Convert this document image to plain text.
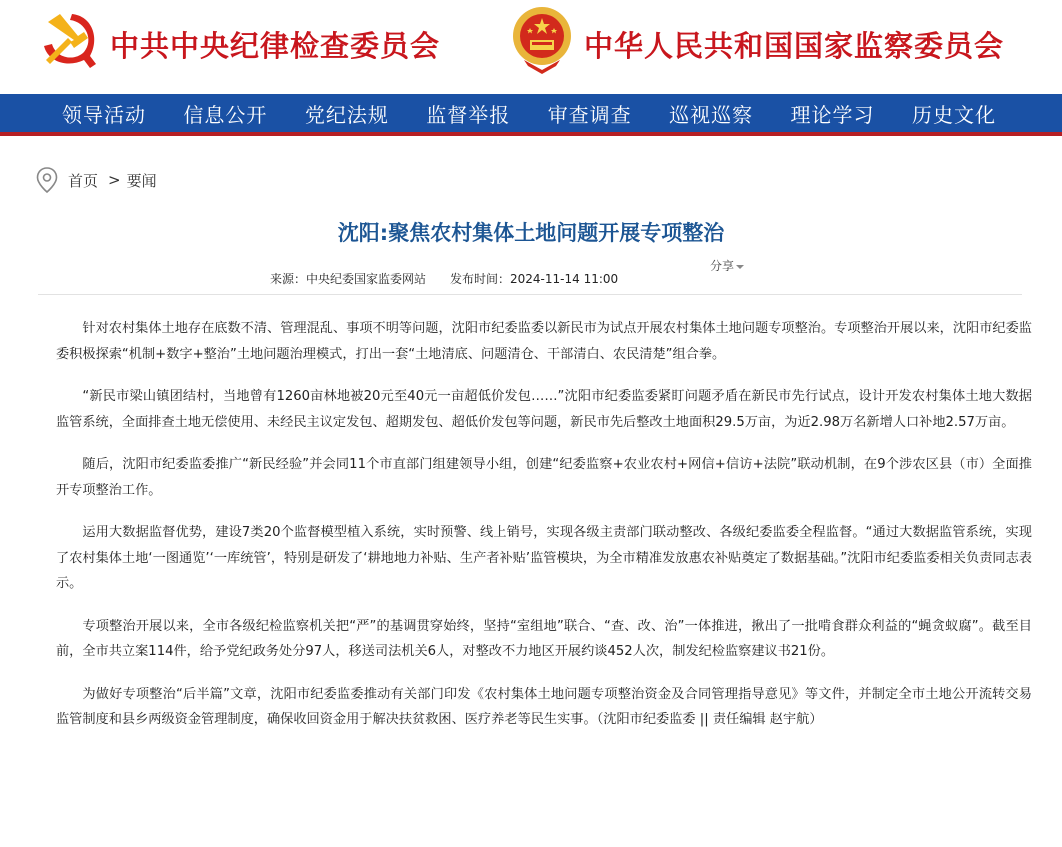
中共中央纪律检查委员会	中华人民共和国国家监察委员会
领导活动 信息公开 党纪法规 监督举报 审查调查 巡视巡察 理论学习 历史文化
首页 > 要闻
沈阳:聚焦农村集体土地问题开展专项整治
来源：中央纪委国家监委网站 发布时间：2024-11-14 11:00
分享

针对农村集体土地存在底数不清、管理混乱、事项不明等问题，沈阳市纪委监委以新民市为试点开展农村集体土地问题专项整治。专项整治开展以来，沈阳市纪委监委积极探索“机制+数字+整治”土地问题治理模式，打出一套“土地清底、问题清仓、干部清白、农民清楚”组合拳。

“新民市梁山镇团结村，当地曾有1260亩林地被20元至40元一亩超低价发包……”沈阳市纪委监委紧盯问题矛盾在新民市先行试点，设计开发农村集体土地大数据监管系统，全面排查土地无偿使用、未经民主议定发包、超期发包、超低价发包等问题，新民市先后整改土地面积29.5万亩，为近2.98万名新增人口补地2.57万亩。

随后，沈阳市纪委监委推广“新民经验”并会同11个市直部门组建领导小组，创建“纪委监察+农业农村+网信+信访+法院”联动机制，在9个涉农区县（市）全面推开专项整治工作。

运用大数据监督优势，建设7类20个监督模型植入系统，实时预警、线上销号，实现各级主责部门联动整改、各级纪委监委全程监督。“通过大数据监管系统，实现了农村集体土地‘一图通览’‘一库统管’，特别是研发了‘耕地地力补贴、生产者补贴’监管模块，为全市精准发放惠农补贴奠定了数据基础。”沈阳市纪委监委相关负责同志表示。

专项整治开展以来，全市各级纪检监察机关把“严”的基调贯穿始终，坚持“室组地”联合、“查、改、治”一体推进，揪出了一批啃食群众利益的“蝇贪蚁腐”。截至目前，全市共立案114件，给予党纪政务处分97人，移送司法机关6人，对整改不力地区开展约谈452人次，制发纪检监察建议书21份。

为做好专项整治“后半篇”文章，沈阳市纪委监委推动有关部门印发《农村集体土地问题专项整治资金及合同管理指导意见》等文件，并制定全市土地公开流转交易监管制度和县乡两级资金管理制度，确保收回资金用于解决扶贫救困、医疗养老等民生实事。（沈阳市纪委监委 || 责任编辑 赵宇航）
